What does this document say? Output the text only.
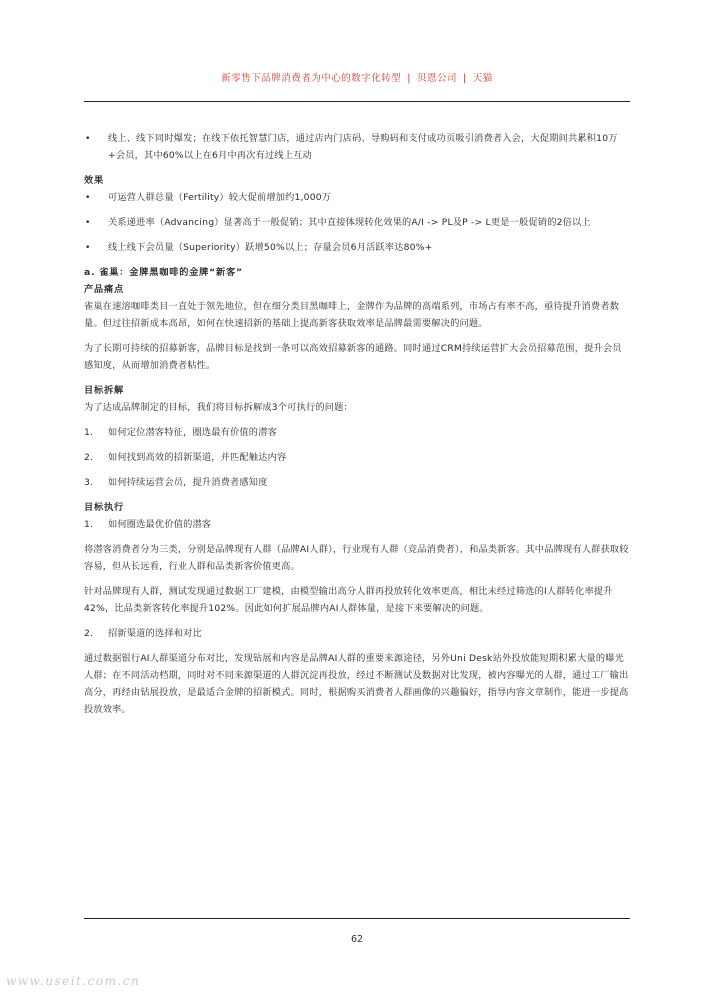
新零售下品牌消费者为中心的数字化转型 | 贝恩公司 | 天猫
• 线上、线下同时爆发；在线下依托智慧门店，通过店内门店码、导购码和支付成功页吸引消费者入会，大促期间共累积10万+会员，其中60%以上在6月中再次有过线上互动

效果

• 可运营人群总量（Fertility）较大促前增加约1,000万

• 关系递进率（Advancing）显著高于一般促销；其中直接体现转化效果的A/I -> PL及P -> L更是一般促销的2倍以上

• 线上线下会员量（Superiority）跃增50%以上；存量会员6月活跃率达80%+

a. 雀巢：金牌黑咖啡的金牌“新客”

产品痛点

雀巢在速溶咖啡类目一直处于领先地位，但在细分类目黑咖啡上，金牌作为品牌的高端系列，市场占有率不高，亟待提升消费者数量。但过往招新成本高昂，如何在快速招新的基础上提高新客获取效率是品牌最需要解决的问题。

为了长期可持续的招募新客，品牌目标是找到一条可以高效招募新客的通路。同时通过CRM持续运营扩大会员招募范围，提升会员感知度，从而增加消费者粘性。

目标拆解

为了达成品牌制定的目标，我们将目标拆解成3个可执行的问题：

1. 如何定位潜客特征，圈选最有价值的潜客

2. 如何找到高效的招新渠道，并匹配触达内容

3. 如何持续运营会员，提升消费者感知度

目标执行

1. 如何圈选最优价值的潜客

将潜客消费者分为三类，分别是品牌现有人群（品牌AI人群），行业现有人群（竞品消费者），和品类新客。其中品牌现有人群获取较容易，但从长远看，行业人群和品类新客价值更高。

针对品牌现有人群，测试发现通过数据工厂建模，由模型输出高分人群再投放转化效率更高，相比未经过筛选的I人群转化率提升42%，比品类新客转化率提升102%。因此如何扩展品牌内AI人群体量，是接下来要解决的问题。

2. 招新渠道的选择和对比

通过数据银行AI人群渠道分布对比，发现钻展和内容是品牌AI人群的重要来源途径，另外Uni Desk站外投放能短期积累大量的曝光人群；在不同活动档期，同时对不同来源渠道的人群沉淀再投放，经过不断测试及数据对比发现，被内容曝光的人群，通过工厂输出高分，再经由钻展投放，是最适合金牌的招新模式。同时，根据购买消费者人群画像的兴趣偏好，指导内容文章制作，能进一步提高投放效率。

62
www.useit.com.cn
